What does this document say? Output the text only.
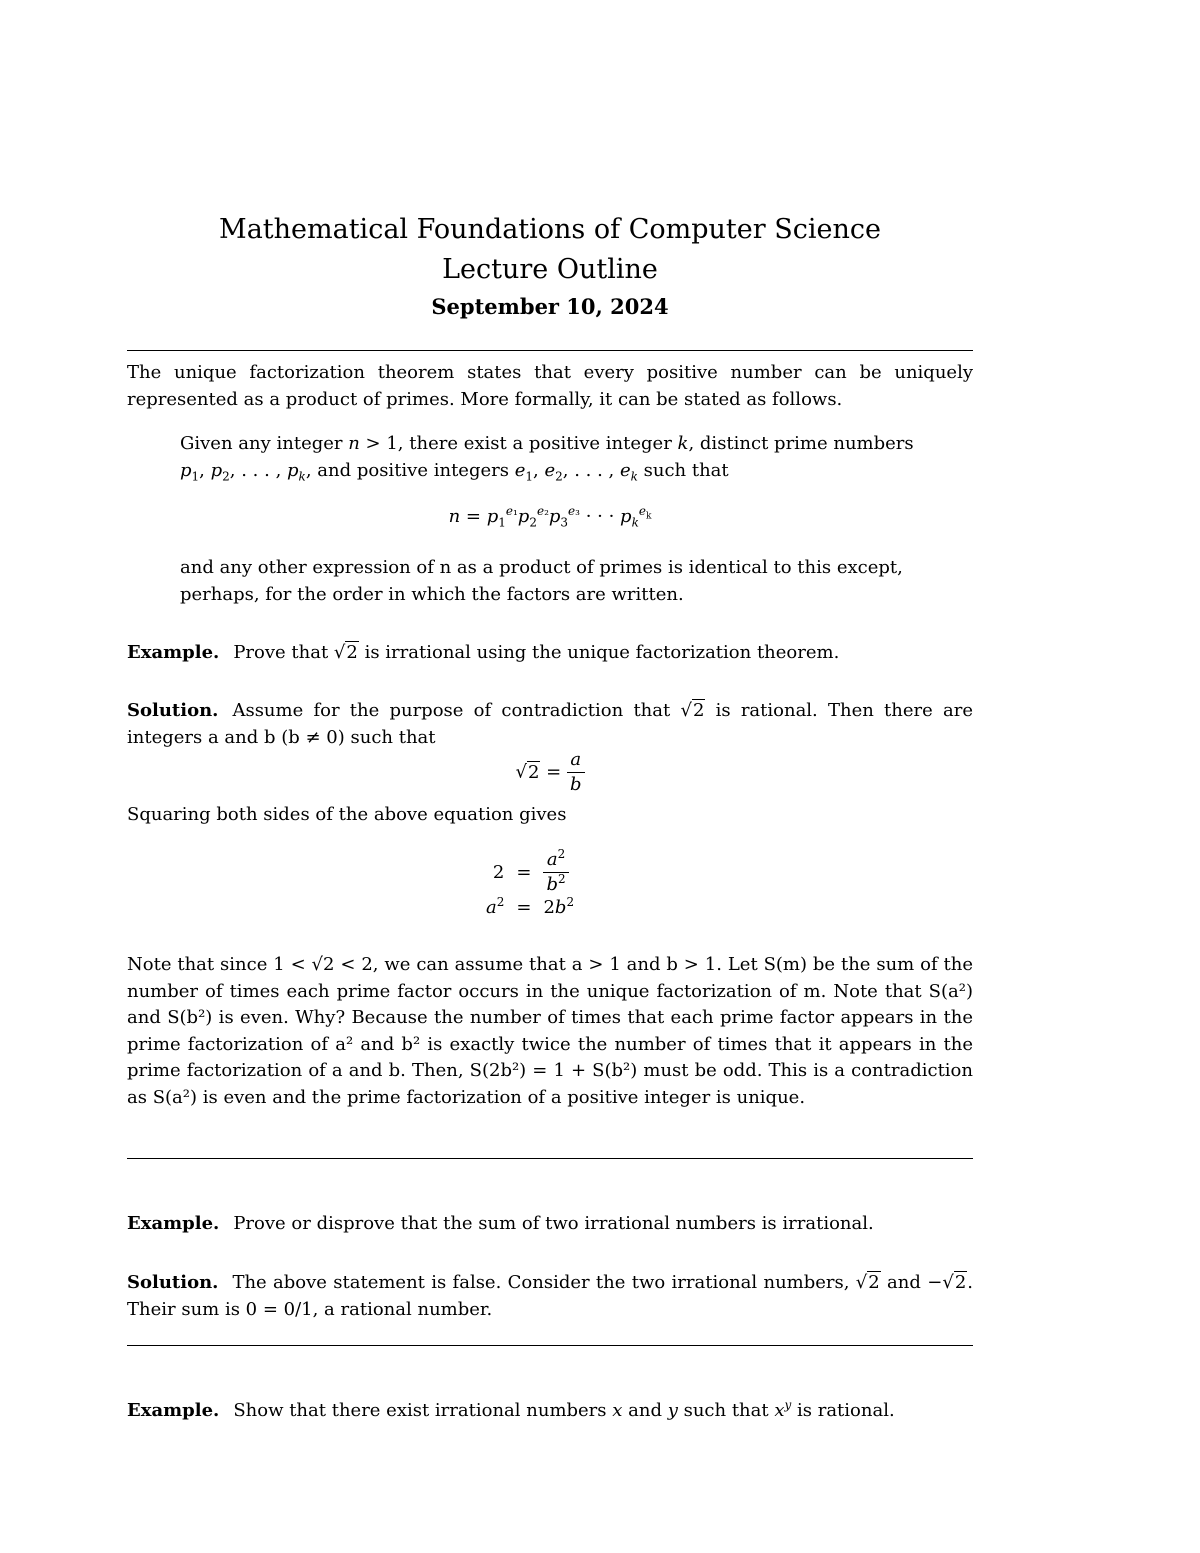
Mathematical Foundations of Computer Science
Lecture Outline
September 10, 2024
The unique factorization theorem states that every positive number can be uniquely represented as a product of primes. More formally, it can be stated as follows.
Given any integer n > 1, there exist a positive integer k, distinct prime numbers
$p_1$, $p_2$, . . . , $p_k$, and positive integers $e_1$, $e_2$, . . . , $e_k$ such that
$n = p_1^{e_1}p_2^{e_2}p_3^{e_3}$ · · · $p_k^{e_k}$
and any other expression of n as a product of primes is identical to this except, perhaps, for the order in which the factors are written.
Example. Prove that √2 is irrational using the unique factorization theorem.
Solution. Assume for the purpose of contradiction that √2 is rational. Then there are integers a and b (b ≠ 0) such that
$√2 = \frac{a}{b}$
Squaring both sides of the above equation gives
2	=	$\frac{a^2}{b^2}$

$a^2$	=	$2b^2$
Note that since 1 < √2 < 2, we can assume that a > 1 and b > 1. Let S(m) be the sum of the number of times each prime factor occurs in the unique factorization of m. Note that S(a²) and S(b²) is even. Why? Because the number of times that each prime factor appears in the prime factorization of a² and b² is exactly twice the number of times that it appears in the prime factorization of a and b. Then, S(2b²) = 1 + S(b²) must be odd. This is a contradiction as S(a²) is even and the prime factorization of a positive integer is unique.
Example. Prove or disprove that the sum of two irrational numbers is irrational.
Solution. The above statement is false. Consider the two irrational numbers, √2 and −√2. Their sum is 0 = 0/1, a rational number.
Example. Show that there exist irrational numbers x and y such that $x^y$ is rational.
